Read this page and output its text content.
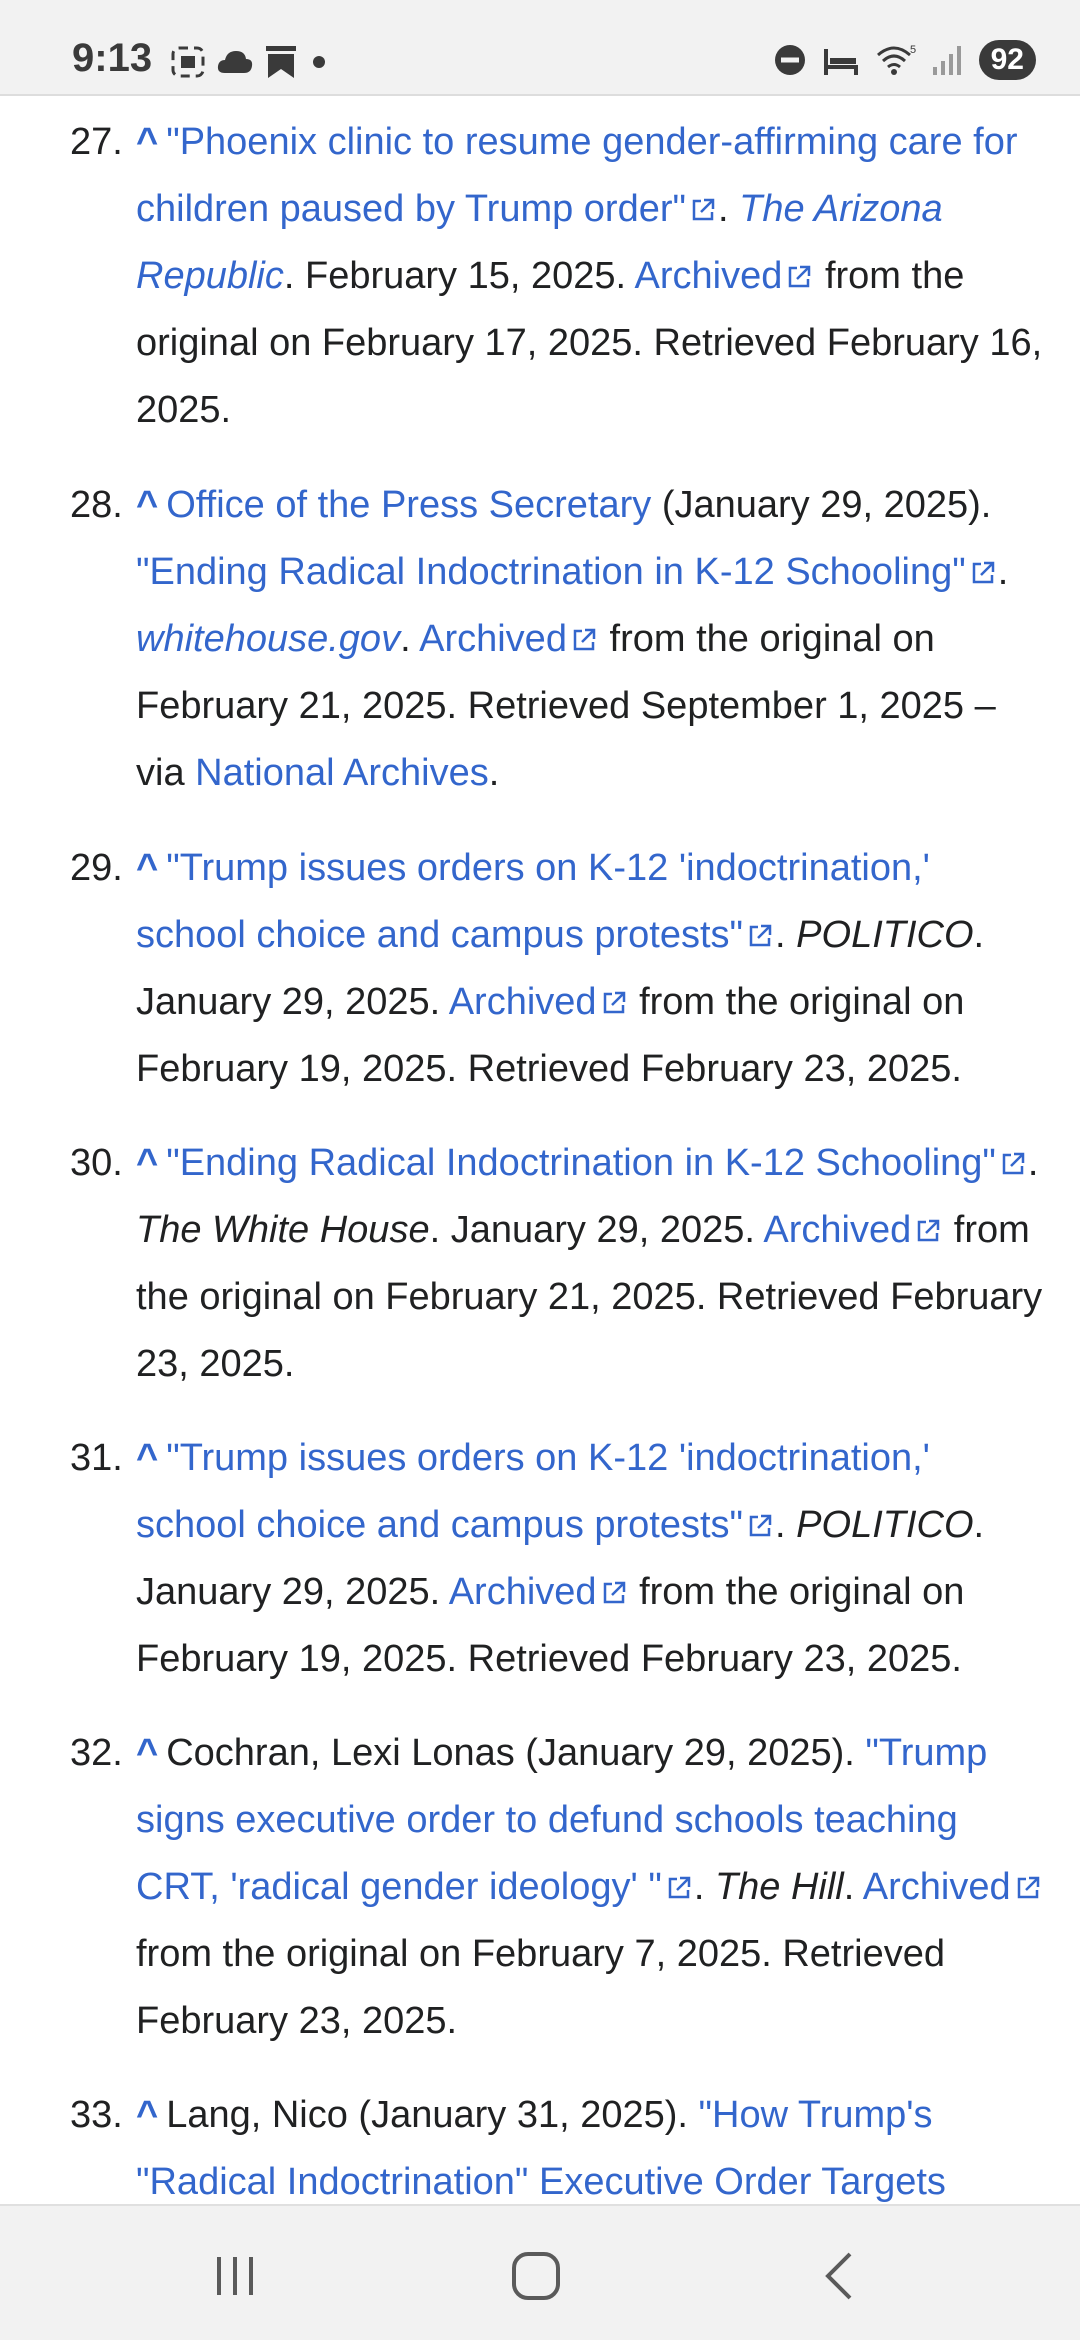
9:13	5	92
27. ^ "Phoenix clinic to resume gender-affirming care for children paused by Trump order" . The Arizona Republic. February 15, 2025. Archived from the original on February 17, 2025. Retrieved February 16, 2025.
28. ^ Office of the Press Secretary (January 29, 2025). "Ending Radical Indoctrination in K-12 Schooling" . whitehouse.gov. Archived from the original on February 21, 2025. Retrieved September 1, 2025 – via National Archives.
29. ^ "Trump issues orders on K-12 'indoctrination,' school choice and campus protests" . POLITICO. January 29, 2025. Archived from the original on February 19, 2025. Retrieved February 23, 2025.
30. ^ "Ending Radical Indoctrination in K-12 Schooling" . The White House. January 29, 2025. Archived from the original on February 21, 2025. Retrieved February 23, 2025.
31. ^ "Trump issues orders on K-12 'indoctrination,' school choice and campus protests" . POLITICO. January 29, 2025. Archived from the original on February 19, 2025. Retrieved February 23, 2025.
32. ^ Cochran, Lexi Lonas (January 29, 2025). "Trump signs executive order to defund schools teaching CRT, 'radical gender ideology' " . The Hill. Archived from the original on February 7, 2025. Retrieved February 23, 2025.
33. ^ Lang, Nico (January 31, 2025). "How Trump's "Radical Indoctrination" Executive Order Targets
